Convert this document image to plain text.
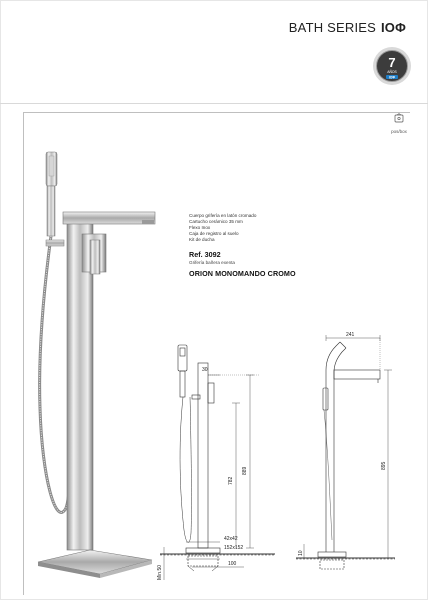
BATH SERIES IOΦ
7
AÑOS
IOΦ
pos/box
Cuerpo grifería en latón cromado
Cartucho cerámico 35 mm
Flexo Inox
Caja de registro al suelo
Kit de ducha
Ref. 3092
Grifería bañera exenta
ORION MONOMANDO CROMO
30
782
889
42x42
152x152
100
Min.50
241
895
10
